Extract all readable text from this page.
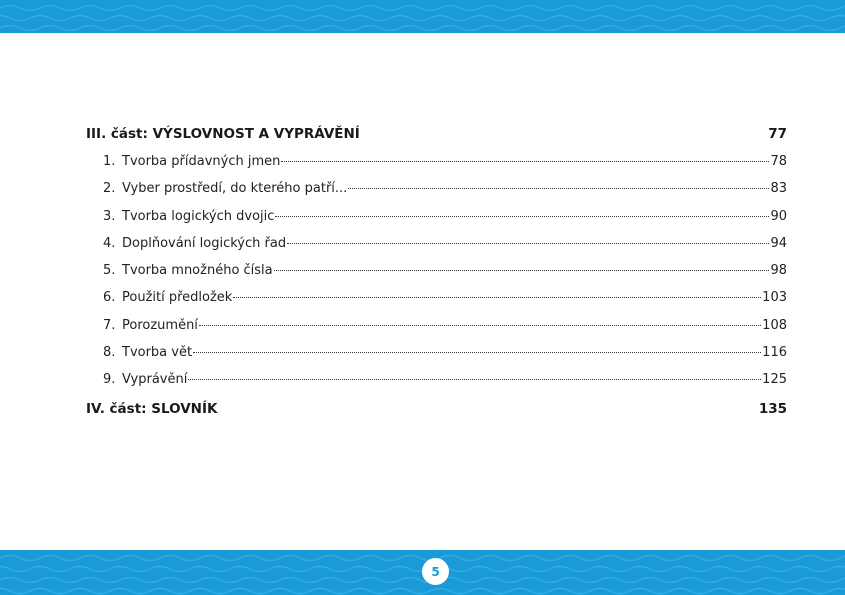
III. část: VÝSLOVNOST A VYPRÁVĚNÍ	77
1. Tvorba přídavných jmen	78
2. Vyber prostředí, do kterého patří...	83
3. Tvorba logických dvojic	90
4. Doplňování logických řad	94
5. Tvorba množného čísla	98
6. Použití předložek	103
7. Porozumění	108
8. Tvorba vět	116
9. Vyprávění	125
IV. část: SLOVNÍK	135
5
